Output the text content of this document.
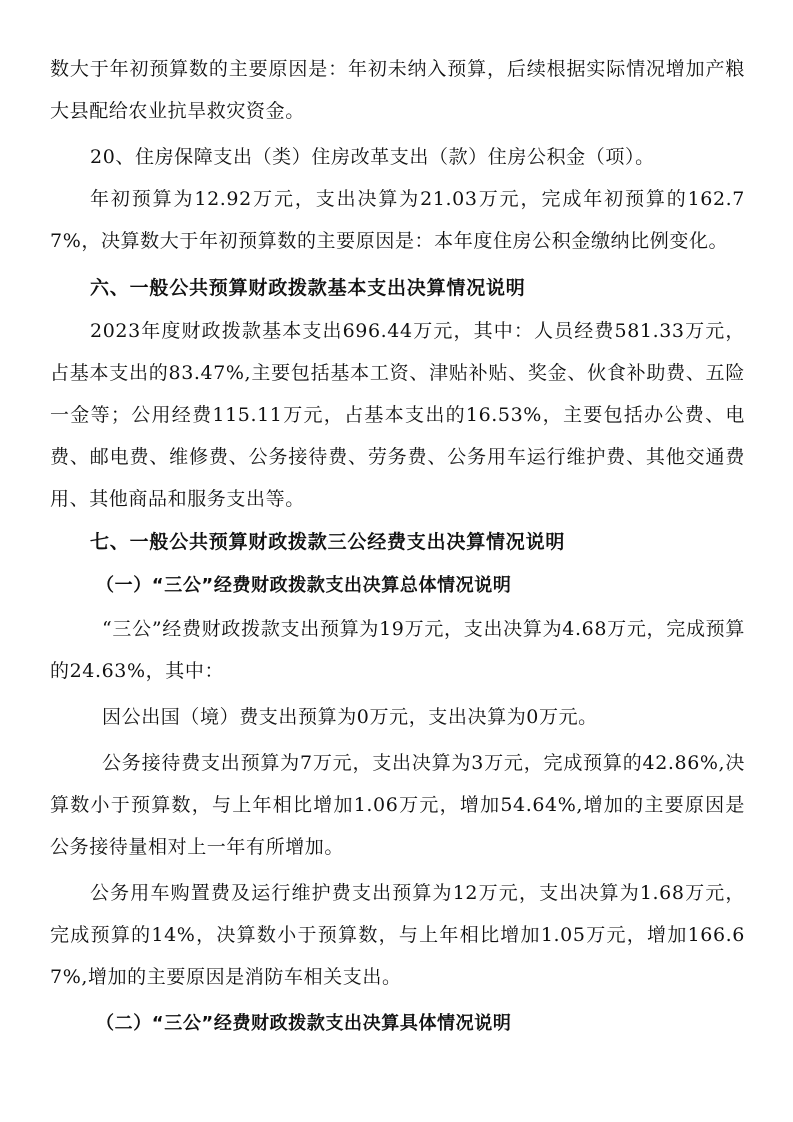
数大于年初预算数的主要原因是：年初未纳入预算，后续根据实际情况增加产粮大县配给农业抗旱救灾资金。

20、住房保障支出（类）住房改革支出（款）住房公积金（项）。

年初预算为12.92万元，支出决算为21.03万元，完成年初预算的162.77%，决算数大于年初预算数的主要原因是：本年度住房公积金缴纳比例变化。

六、一般公共预算财政拨款基本支出决算情况说明

2023年度财政拨款基本支出696.44万元，其中：人员经费581.33万元，占基本支出的83.47%,主要包括基本工资、津贴补贴、奖金、伙食补助费、五险一金等；公用经费115.11万元，占基本支出的16.53%，主要包括办公费、电费、邮电费、维修费、公务接待费、劳务费、公务用车运行维护费、其他交通费用、其他商品和服务支出等。

七、一般公共预算财政拨款三公经费支出决算情况说明
（一）“三公”经费财政拨款支出决算总体情况说明

“三公”经费财政拨款支出预算为19万元，支出决算为4.68万元，完成预算的24.63%，其中：

因公出国（境）费支出预算为0万元，支出决算为0万元。

公务接待费支出预算为7万元，支出决算为3万元，完成预算的42.86%,决算数小于预算数，与上年相比增加1.06万元，增加54.64%,增加的主要原因是公务接待量相对上一年有所增加。

公务用车购置费及运行维护费支出预算为12万元，支出决算为1.68万元，完成预算的14%，决算数小于预算数，与上年相比增加1.05万元，增加166.67%,增加的主要原因是消防车相关支出。

（二）“三公”经费财政拨款支出决算具体情况说明
